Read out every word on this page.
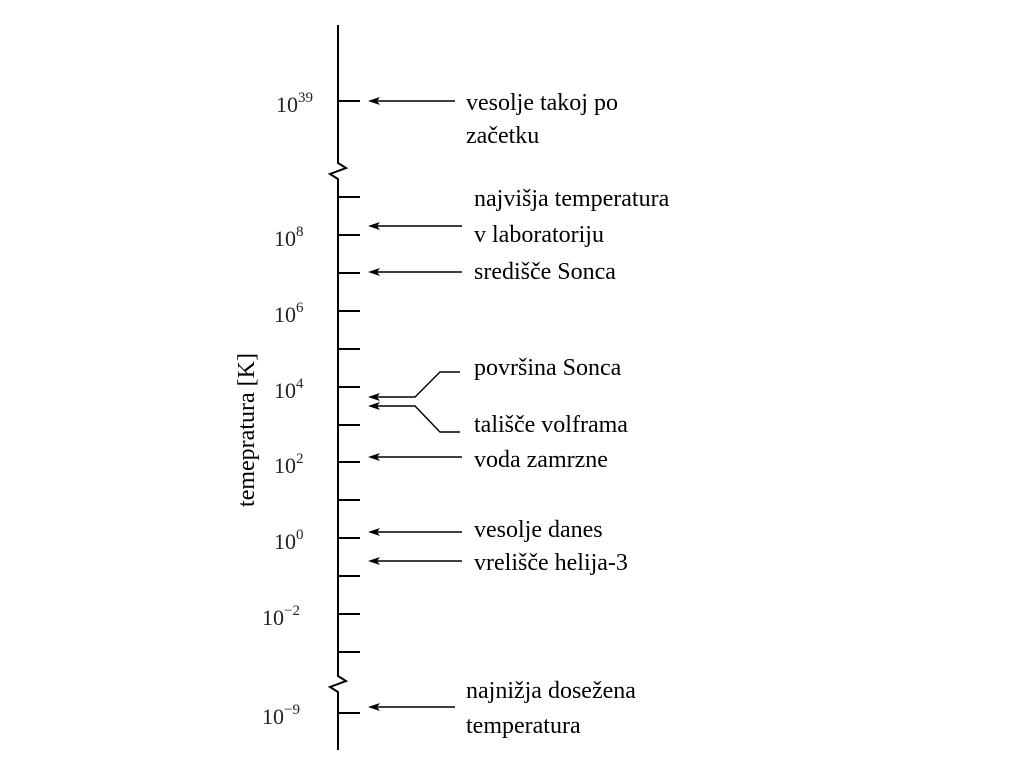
$10^{39}$
$10^8$
$10^6$
$10^4$
$10^2$
$10^0$
$10^{-2}$
$10^{-9}$
temepratura [K]
vesolje takoj po
začetku
najvišja temperatura
v laboratoriju
središče Sonca
površina Sonca
tališče volframa
voda zamrzne
vesolje danes
vrelišče helija-3
najnižja dosežena
temperatura
